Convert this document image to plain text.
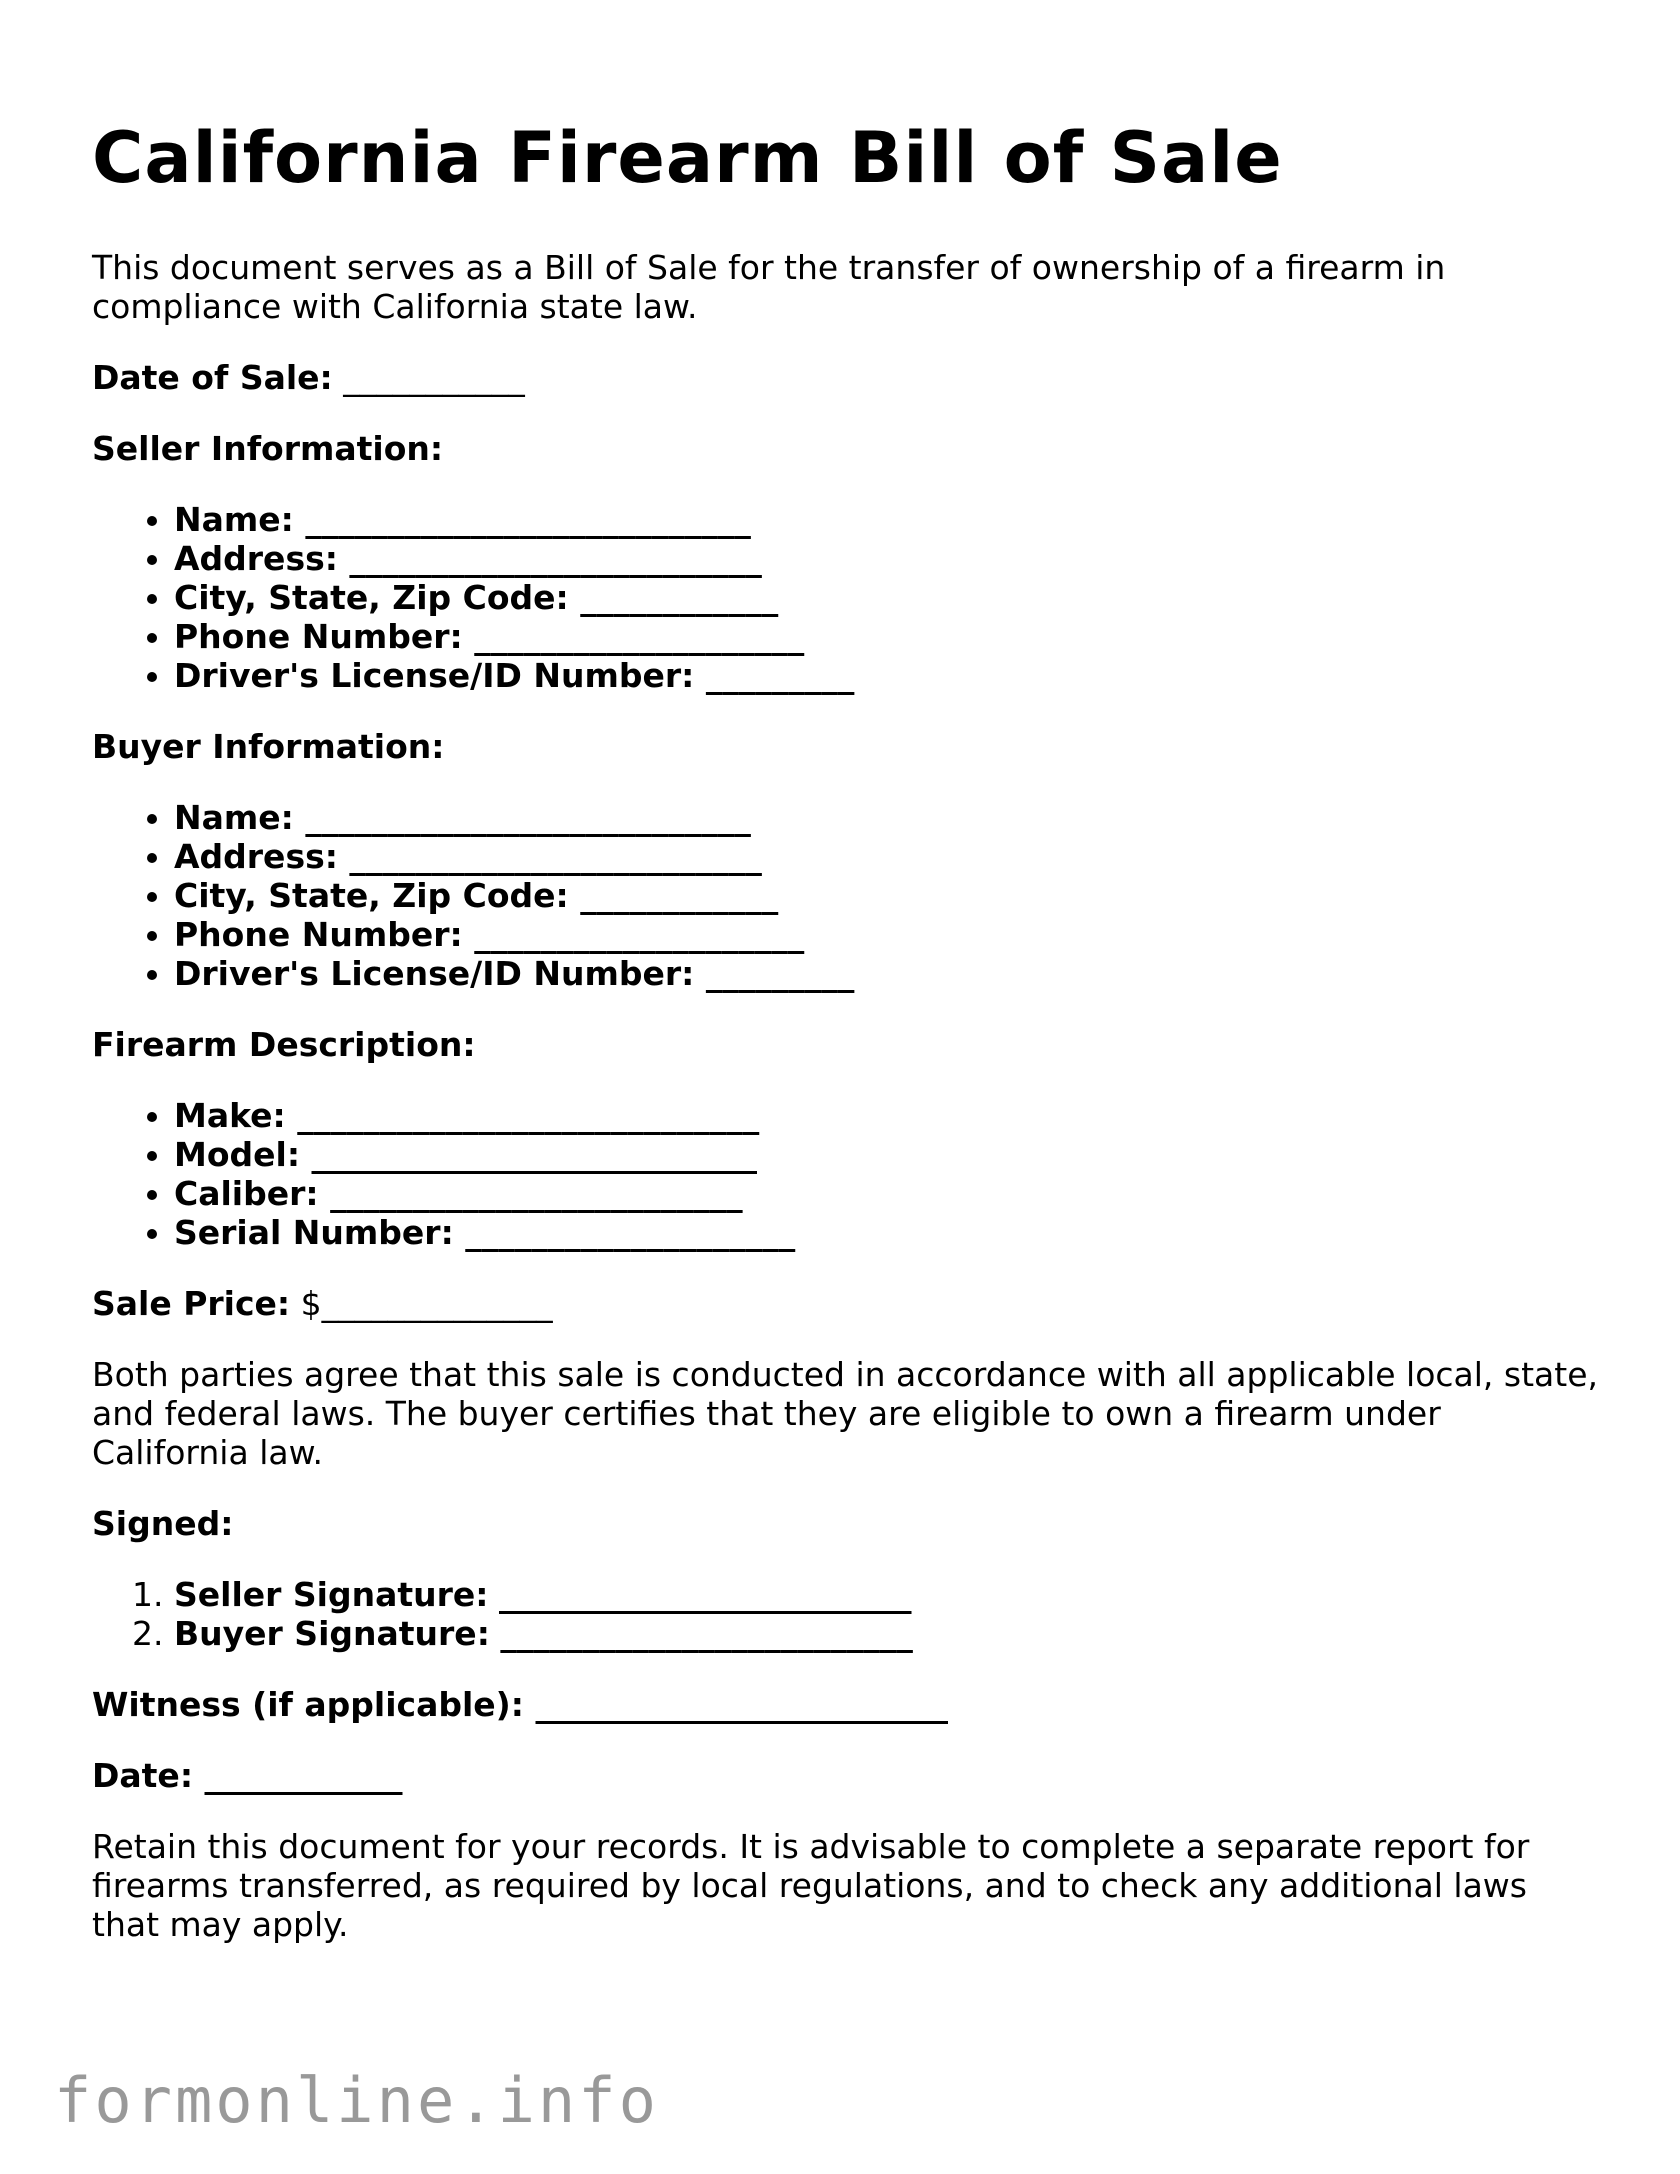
California Firearm Bill of Sale

This document serves as a Bill of Sale for the transfer of ownership of a firearm in compliance with California state law.

Date of Sale: ___________

Seller Information:

• Name: ___________________________
• Address: _________________________
• City, State, Zip Code: ____________
• Phone Number: ____________________
• Driver's License/ID Number: _________

Buyer Information:

• Name: ___________________________
• Address: _________________________
• City, State, Zip Code: ____________
• Phone Number: ____________________
• Driver's License/ID Number: _________

Firearm Description:

• Make: ____________________________
• Model: ___________________________
• Caliber: _________________________
• Serial Number: ____________________

Sale Price: $______________

Both parties agree that this sale is conducted in accordance with all applicable local, state, and federal laws. The buyer certifies that they are eligible to own a firearm under California law.

Signed:

1. Seller Signature: _________________________
2. Buyer Signature: _________________________

Witness (if applicable): _________________________

Date: ____________

Retain this document for your records. It is advisable to complete a separate report for firearms transferred, as required by local regulations, and to check any additional laws that may apply.

formonline.info
